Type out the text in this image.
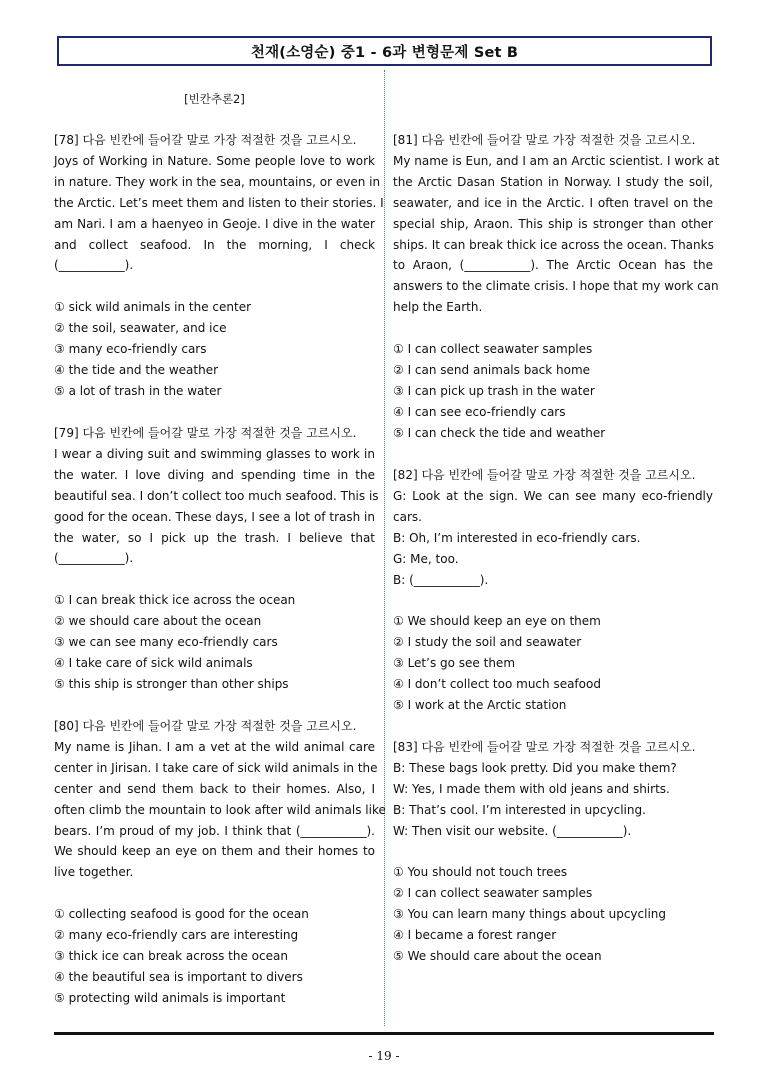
천재(소영순) 중1 - 6과 변형문제 Set B
[빈칸추론2]
[78] 다음 빈칸에 들어갈 말로 가장 적절한 것을 고르시오.
Joys of Working in Nature. Some people love to work
in nature. They work in the sea, mountains, or even in
the Arctic. Let’s meet them and listen to their stories. I
am Nari. I am a haenyeo in Geoje. I dive in the water
and collect seafood. In the morning, I check
(___________).
① sick wild animals in the center
② the soil, seawater, and ice
③ many eco-friendly cars
④ the tide and the weather
⑤ a lot of trash in the water
[79] 다음 빈칸에 들어갈 말로 가장 적절한 것을 고르시오.
I wear a diving suit and swimming glasses to work in
the water. I love diving and spending time in the
beautiful sea. I don’t collect too much seafood. This is
good for the ocean. These days, I see a lot of trash in
the water, so I pick up the trash. I believe that
(___________).
① I can break thick ice across the ocean
② we should care about the ocean
③ we can see many eco-friendly cars
④ I take care of sick wild animals
⑤ this ship is stronger than other ships
[80] 다음 빈칸에 들어갈 말로 가장 적절한 것을 고르시오.
My name is Jihan. I am a vet at the wild animal care
center in Jirisan. I take care of sick wild animals in the
center and send them back to their homes. Also, I
often climb the mountain to look after wild animals like
bears. I’m proud of my job. I think that (___________).
We should keep an eye on them and their homes to
live together.
① collecting seafood is good for the ocean
② many eco-friendly cars are interesting
③ thick ice can break across the ocean
④ the beautiful sea is important to divers
⑤ protecting wild animals is important
[81] 다음 빈칸에 들어갈 말로 가장 적절한 것을 고르시오.
My name is Eun, and I am an Arctic scientist. I work at
the Arctic Dasan Station in Norway. I study the soil,
seawater, and ice in the Arctic. I often travel on the
special ship, Araon. This ship is stronger than other
ships. It can break thick ice across the ocean. Thanks
to Araon, (___________). The Arctic Ocean has the
answers to the climate crisis. I hope that my work can
help the Earth.
① I can collect seawater samples
② I can send animals back home
③ I can pick up trash in the water
④ I can see eco-friendly cars
⑤ I can check the tide and weather
[82] 다음 빈칸에 들어갈 말로 가장 적절한 것을 고르시오.
G: Look at the sign. We can see many eco-friendly
cars.
B: Oh, I’m interested in eco-friendly cars.
G: Me, too.
B: (___________).
① We should keep an eye on them
② I study the soil and seawater
③ Let’s go see them
④ I don’t collect too much seafood
⑤ I work at the Arctic station
[83] 다음 빈칸에 들어갈 말로 가장 적절한 것을 고르시오.
B: These bags look pretty. Did you make them?
W: Yes, I made them with old jeans and shirts.
B: That’s cool. I’m interested in upcycling.
W: Then visit our website. (___________).
① You should not touch trees
② I can collect seawater samples
③ You can learn many things about upcycling
④ I became a forest ranger
⑤ We should care about the ocean
- 19 -
